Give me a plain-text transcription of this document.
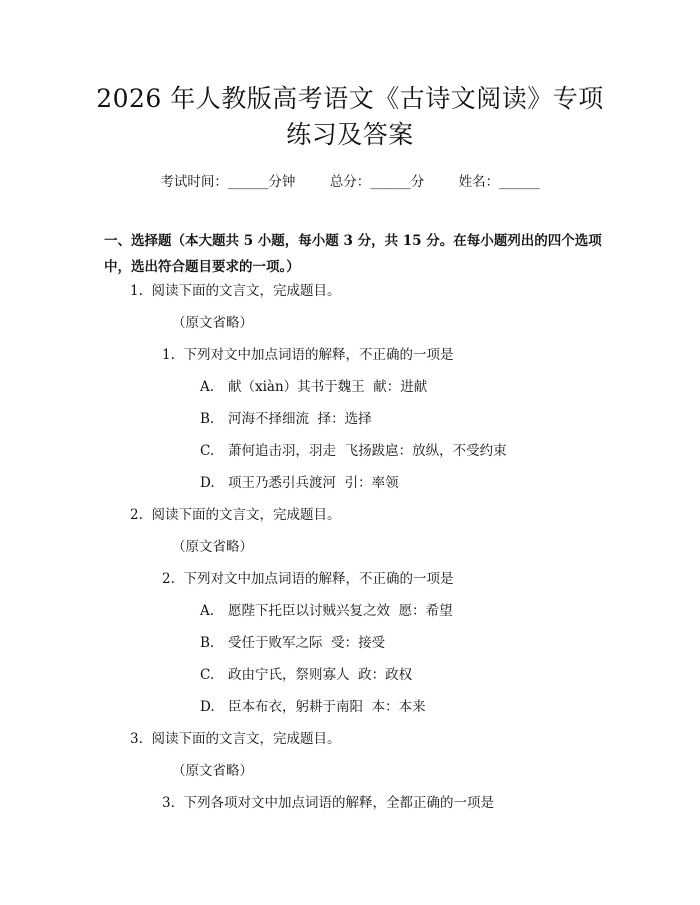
2026 年人教版高考语文《古诗文阅读》专项
练习及答案
考试时间：______分钟	总分：______分	姓名：______
一、选择题（本大题共 5 小题，每小题 3 分，共 15 分。在每小题列出的四个选项中，选出符合题目要求的一项。）
1.  阅读下面的文言文，完成题目。
（原文省略）
1.  下列对文中加点词语的解释，不正确的一项是
A. 献（xiàn）其书于魏王  献：进献
B. 河海不择细流  择：选择
C. 萧何追击羽，羽走  飞扬跋扈：放纵，不受约束
D. 项王乃悉引兵渡河  引：率领
2.  阅读下面的文言文，完成题目。
（原文省略）
2.  下列对文中加点词语的解释，不正确的一项是
A. 愿陛下托臣以讨贼兴复之效  愿：希望
B. 受任于败军之际  受：接受
C. 政由宁氏，祭则寡人  政：政权
D. 臣本布衣，躬耕于南阳  本：本来
3.  阅读下面的文言文，完成题目。
（原文省略）
3.  下列各项对文中加点词语的解释，全都正确的一项是
